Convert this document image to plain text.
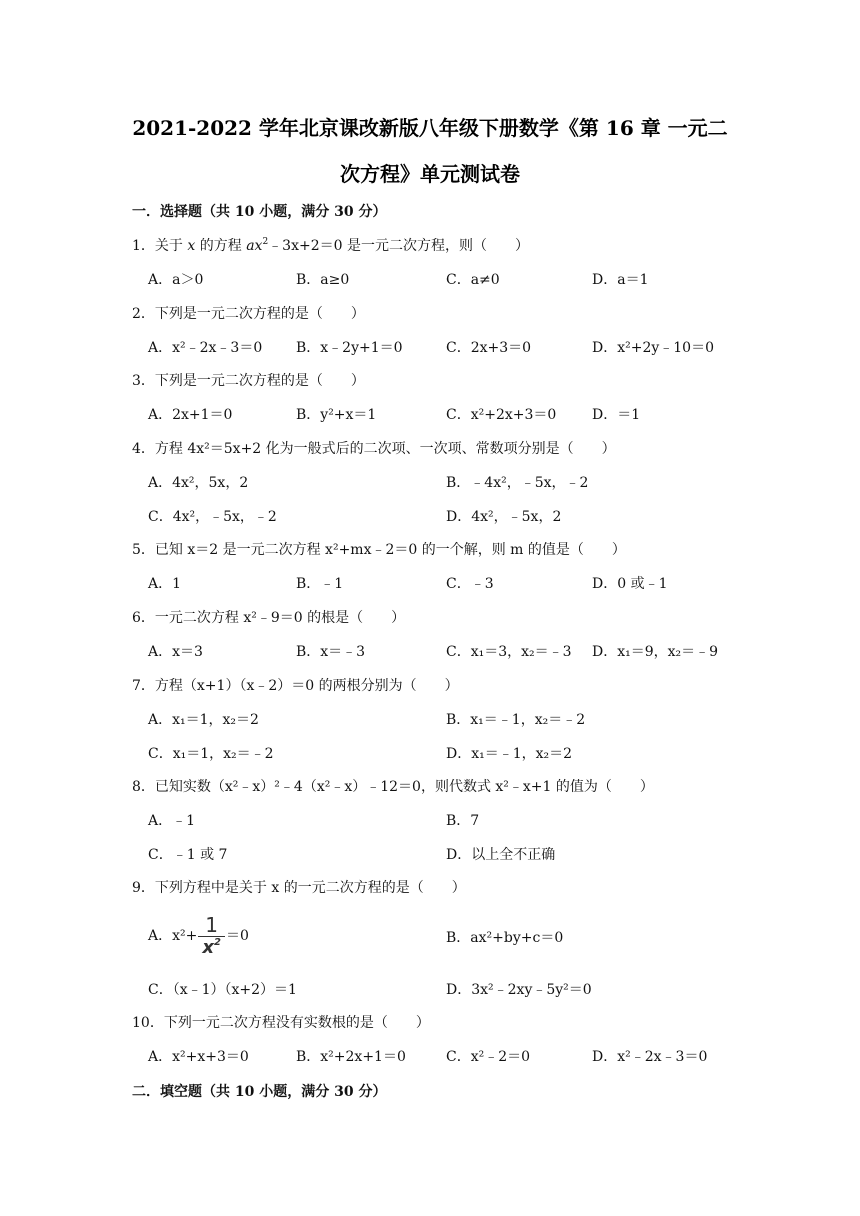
2021-2022 学年北京课改新版八年级下册数学《第 16 章 一元二
次方程》单元测试卷
一．选择题（共 10 小题，满分 30 分）
1．关于 x 的方程 $ax^2﹣3x+2=0$ 是一元二次方程，则（　　）
A．a＞0	B．a≥0	C．a≠0	D．a＝1
2．下列是一元二次方程的是（　　）
A．x²﹣2x﹣3＝0 B．x﹣2y+1＝0	C．2x+3＝0	D．x²+2y﹣10＝0
3．下列是一元二次方程的是（　　）
A．2x+1＝0	B．y²+x＝1	C．x²+2x+3＝0	D．＝1
4．方程 4x²＝5x+2 化为一般式后的二次项、一次项、常数项分别是（　　）
A．4x²，5x，2	B．﹣4x²，﹣5x，﹣2
C．4x²，﹣5x，﹣2	D．4x²，﹣5x，2
5．已知 x＝2 是一元二次方程 x²+mx﹣2＝0 的一个解，则 m 的值是（　　）
A．1	B．﹣1	C．﹣3	D．0 或﹣1
6．一元二次方程 x²﹣9＝0 的根是（　　）
A．x＝3	B．x＝﹣3	C．x₁＝3，x₂＝﹣3 D．x₁＝9，x₂＝﹣9
7．方程（x+1）（x﹣2）＝0 的两根分别为（　　）
A．x₁＝1，x₂＝2	B．x₁＝﹣1，x₂＝﹣2
C．x₁＝1，x₂＝﹣2	D．x₁＝﹣1，x₂＝2
8．已知实数（x²﹣x）²﹣4（x²﹣x）﹣12＝0，则代数式 x²﹣x+1 的值为（　　）
A．﹣1	B．7
C．﹣1 或 7	D．以上全不正确
9．下列方程中是关于 x 的一元二次方程的是（　　）
A．$x^2+ \frac{1}{x^2} =0$	B．ax²+by+c＝0
C．（x﹣1）（x+2）＝1	D．3x²﹣2xy﹣5y²＝0
10．下列一元二次方程没有实数根的是（　　）
A．x²+x+3＝0	B．x²+2x+1＝0	C．x²﹣2＝0	D．x²﹣2x﹣3＝0
二．填空题（共 10 小题，满分 30 分）
